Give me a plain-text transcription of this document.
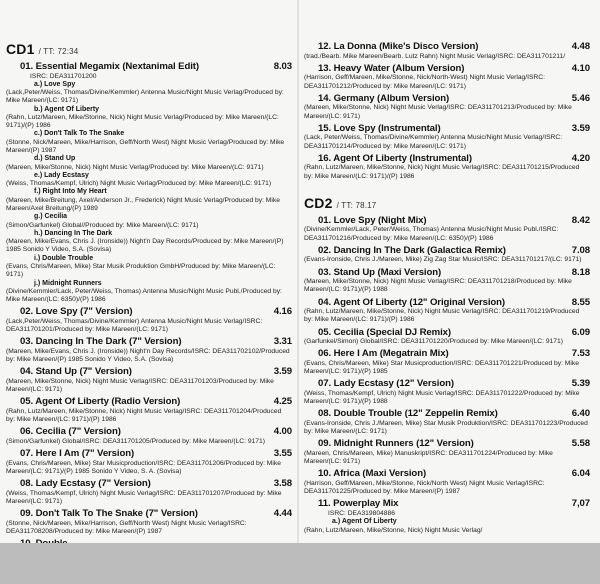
CD1 / TT: 72:34
01. Essential Megamix (Nextanimal Edit)	8.03
ISRC: DEA311701200
a.) Love Spy
(Lack,Peter/Weiss, Thomas/Divine/Kemmler) Antenna Music/Night Music Verlag/Produced by: Mike Mareen/(LC: 9171)
b.) Agent Of Liberty
(Rahn, Lutz/Mareen, Mike/Stonne, Nick) Night Music Verlag/Produced by: Mike Mareen/(LC: 9171)/(P) 1986
c.) Don't Talk To The Snake
(Stonne, Nick/Mareen, Mike/Harrison, Geff/North West) Night Music Verlag/Produced by: Mike Mareen/(P) 1987
d.) Stand Up
(Mareen, Mike/Stonne, Nick) Night Music Verlag/Produced by: Mike Mareen/(LC: 9171)
e.) Lady Ecstasy
(Weiss, Thomas/Kempf, Ulrich) Night Music Verlag/Produced by: Mike Mareen/(LC: 9171)
f.) Right Into My Heart
(Mareen, Mike/Breitung, Axel/Anderson Jr., Frederick) Night Music Verlag/Produced by: Mike Mareen/Axel Breitung/(P) 1989
g.) Cecilia
(Simon/Garfunkel) Global//Produced by: Mike Mareen/(LC: 9171)
h.) Dancing In The Dark
(Mareen, Mike/Evans, Chris J. (Ironside)) Night'n Day Records/Produced by: Mike Mareen/(P) 1985 Sonido Y Video, S.A. (Sovisa)
i.) Double Trouble
(Evans, Chris/Mareen, Mike) Star Musik Produktion GmbH/Produced by: Mike Mareen/(LC: 9171)
j.) Midnight Runners
(Divine/Kemmler/Lack, Peter/Weiss, Thomas) Antenna Music/Night Music Publ./Produced by: Mike Mareen/(LC: 6350)/(P) 1986
02. Love Spy (7" Version)	4.16
(Lack,Peter/Weiss, Thomas/Divine/Kemmler) Antenna Music/Night Music Verlag/ISRC: DEA311701201/Produced by: Mike Mareen/(LC: 9171)
03. Dancing In The Dark (7" Version)	3.31
(Mareen, Mike/Evans, Chris J. (Ironside)) Night'n Day Records/ISRC: DEA311702102/Produced by: Mike Mareen/(P) 1985 Sonido Y Video, S.A. (Sovisa)
04. Stand Up (7" Version)	3.59
(Mareen, Mike/Stonne, Nick) Night Music Verlag/ISRC: DEA311701203/Produced by: Mike Mareen/(LC: 9171)
05. Agent Of Liberty (Radio Version)	4.25
(Rahn, Lutz/Mareen, Mike/Stonne, Nick) Night Music Verlag/ISRC: DEA311701204/Produced by: Mike Mareen/(LC: 9171)/(P) 1986
06. Cecilia (7" Version)	4.00
(Simon/Garfunkel) Global/ISRC: DEA311701205/Produced by: Mike Mareen/(LC: 9171)
07. Here I Am (7" Version)	3.55
(Evans, Chris/Mareen, Mike) Star Musicproduction/ISRC: DEA311701206/Produced by: Mike Mareen/(LC: 9171)/(P) 1985 Sonido Y Video, S. A. (Sovisa)
08. Lady Ecstasy (7" Version)	3.58
(Weiss, Thomas/Kempf, Ulrich) Night Music Verlag/ISRC: DEA311701207/Produced by: Mike Mareen/(LC: 9171)
09. Don't Talk To The Snake (7" Version)	4.44
(Stonne, Nick/Mareen, Mike/Harrison, Geff/North West) Night Music Verlag/ISRC: DEA311708208/Produced by: Mike Mareen/(P) 1987
12. La Donna (Mike's Disco Version)	4.48
(trad./Bearb. Mike Mareen/Bearb. Lutz Rahn) Night Music Verlag/ISRC: DEA311701211/
13. Heavy Water (Album Version)	4.10
(Harrison, Geff/Mareen, Mike/Stonne, Nick/North-West) Night Music Verlag/ISRC: DEA311701212/Produced by: Mike Mareen/(LC: 9171)
14. Germany (Album Version)	5.46
(Mareen, Mike/Stonne, Nick) Night Music Verlag/ISRC: DEA311701213/Produced by: Mike Mareen/(LC: 9171)
15. Love Spy (Instrumental)	3.59
(Lack, Peter/Weiss, Thomas/Divine/Kemmler) Antenna Music/Night Music Verlag/ISRC: DEA311701214/Produced by: Mike Mareen/(LC: 9171)
16. Agent Of Liberty (Instrumental)	4.20
(Rahn, Lutz/Mareen, Mike/Stonne, Nick) Night Music Verlag/ISRC: DEA311701215/Produced by: Mike Mareen/(LC: 9171)/(P) 1986
CD2 / TT: 78.17
01. Love Spy (Night Mix)	8.42
(Divine/Kemmler/Lack, Peter/Weiss, Thomas) Antenna Music/Night Music Publ./ISRC: DEA311701216/Produced by: Mike Mareen/(LC: 6350)/(P) 1986
02. Dancing In The Dark (Galactica Remix)	7.08
(Evans-Ironside, Chris J./Mareen, Mike) Zig Zag Star Music/ISRC: DEA311701217/(LC: 9171)
03. Stand Up (Maxi Version)	8.18
(Mareen, Mike/Stonne, Nick) Night Music Verlag/ISRC: DEA311701218/Produced by: Mike Mareen/(LC: 9171)/(P) 1988
04. Agent Of Liberty (12" Original Version)	8.55
(Rahn, Lutz/Mareen, Mike/Stonne, Nick) Night Music Verlag/ISRC: DEA311701219/Produced by: Mike Mareen/(LC: 9171)/(P) 1986
05. Cecilia (Special DJ Remix)	6.09
(Garfunkel/Simon) Global/ISRC: DEA311701220/Produced by: Mike Mareen/(LC: 9171)
06. Here I Am (Megatrain Mix)	7.53
(Evans, Chris/Mareen, Mike) Star Musicproduction/ISRC: DEA311701221/Produced by: Mike Mareen/(LC: 9171)/(P) 1985
07. Lady Ecstasy (12" Version)	5.39
(Weiss, Thomas/Kempf, Ulrich) Night Music Verlag/ISRC: DEA311701222/Produced by: Mike Mareen/(LC: 9171)/(P) 1988
08. Double Trouble (12" Zeppelin Remix)	6.40
(Evans-Ironside, Chris J./Mareen, Mike) Star Musik Produktion/ISRC: DEA311701223/Produced by: Mike Mareen/(LC: 9171)
09. Midnight Runners (12" Version)	5.58
(Mareen, Chris/Mareen, Mike) Manuskript/ISRC: DEA311701224/Produced by: Mike Mareen/(LC: 9171)
10. Africa (Maxi Version)	6.04
(Harrison, Geff/Mareen, Mike/Stonne, Nick/North West) Night Music Verlag/ISRC: DEA311701225/Produced by: Mike Mareen/(P) 1987
11. Powerplay Mix	7,07
ISRC: DEA319804886
a.) Agent Of Liberty
(Rahn, Lutz/Mareen, Mike/Stonne, Nick) Night Music Verlag/
